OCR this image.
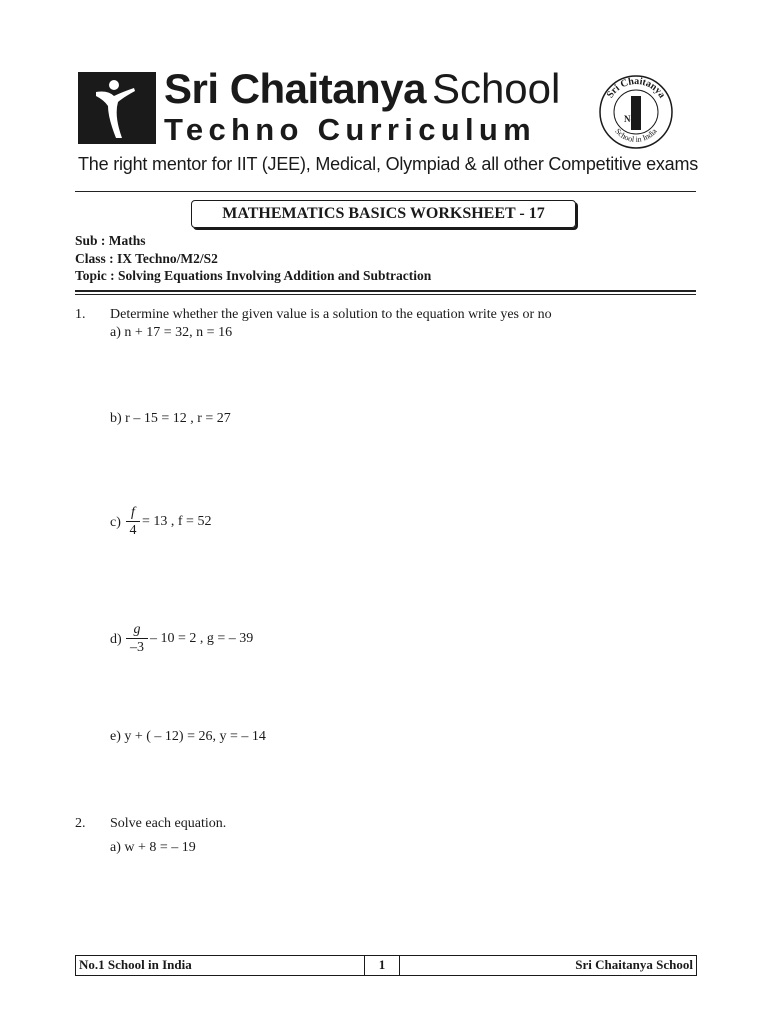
Sri Chaitanya School
Techno Curriculum
Sri Chaitanya
School in India
No
The right mentor for IIT (JEE), Medical, Olympiad & all other Competitive exams
MATHEMATICS BASICS WORKSHEET - 17
Sub : Maths
Class : IX Techno/M2/S2
Topic : Solving Equations Involving Addition and Subtraction
1. Determine whether the given value is a solution to the equation write yes or no
a) n + 17 = 32, n = 16
b) r – 15 = 12 , r = 27
c)
f
4
= 13 , f = 52
d)
g
–3
– 10 = 2 , g = – 39
e) y + ( – 12) = 26, y = – 14
2. Solve each equation.
a) w + 8 = – 19
No.1 School in India	1	Sri Chaitanya School
